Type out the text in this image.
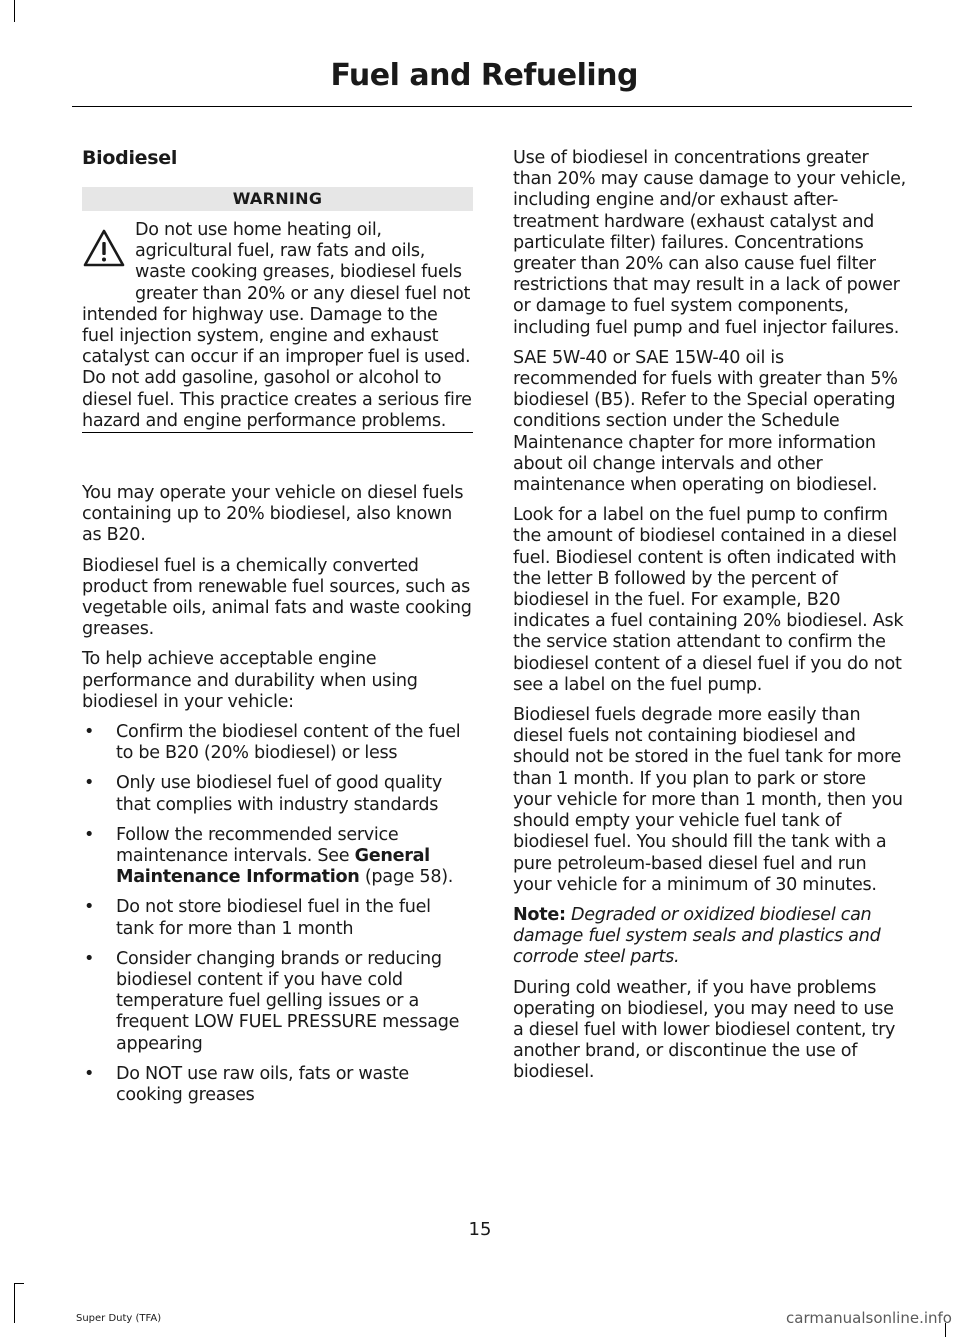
Fuel and Refueling
Biodiesel
WARNING

Do not use home heating oil, agricultural fuel, raw fats and oils, waste cooking greases, biodiesel fuels greater than 20% or any diesel fuel not intended for highway use. Damage to the fuel injection system, engine and exhaust catalyst can occur if an improper fuel is used. Do not add gasoline, gasohol or alcohol to diesel fuel. This practice creates a serious fire hazard and engine performance problems.

You may operate your vehicle on diesel fuels containing up to 20% biodiesel, also known as B20.

Biodiesel fuel is a chemically converted product from renewable fuel sources, such as vegetable oils, animal fats and waste cooking greases.

To help achieve acceptable engine performance and durability when using biodiesel in your vehicle:

• Confirm the biodiesel content of the fuel to be B20 (20% biodiesel) or less
• Only use biodiesel fuel of good quality that complies with industry standards
• Follow the recommended service maintenance intervals. See General Maintenance Information (page 58).
• Do not store biodiesel fuel in the fuel tank for more than 1 month
• Consider changing brands or reducing biodiesel content if you have cold temperature fuel gelling issues or a frequent LOW FUEL PRESSURE message appearing
• Do NOT use raw oils, fats or waste cooking greases

Use of biodiesel in concentrations greater than 20% may cause damage to your vehicle, including engine and/or exhaust after-treatment hardware (exhaust catalyst and particulate filter) failures. Concentrations greater than 20% can also cause fuel filter restrictions that may result in a lack of power or damage to fuel system components, including fuel pump and fuel injector failures.

SAE 5W-40 or SAE 15W-40 oil is recommended for fuels with greater than 5% biodiesel (B5). Refer to the Special operating conditions section under the Schedule Maintenance chapter for more information about oil change intervals and other maintenance when operating on biodiesel.

Look for a label on the fuel pump to confirm the amount of biodiesel contained in a diesel fuel. Biodiesel content is often indicated with the letter B followed by the percent of biodiesel in the fuel. For example, B20 indicates a fuel containing 20% biodiesel. Ask the service station attendant to confirm the biodiesel content of a diesel fuel if you do not see a label on the fuel pump.

Biodiesel fuels degrade more easily than diesel fuels not containing biodiesel and should not be stored in the fuel tank for more than 1 month. If you plan to park or store your vehicle for more than 1 month, then you should empty your vehicle fuel tank of biodiesel fuel. You should fill the tank with a pure petroleum-based diesel fuel and run your vehicle for a minimum of 30 minutes.

Note: Degraded or oxidized biodiesel can damage fuel system seals and plastics and corrode steel parts.

During cold weather, if you have problems operating on biodiesel, you may need to use a diesel fuel with lower biodiesel content, try another brand, or discontinue the use of biodiesel.

15
Super Duty (TFA)	carmanualsonline.info
